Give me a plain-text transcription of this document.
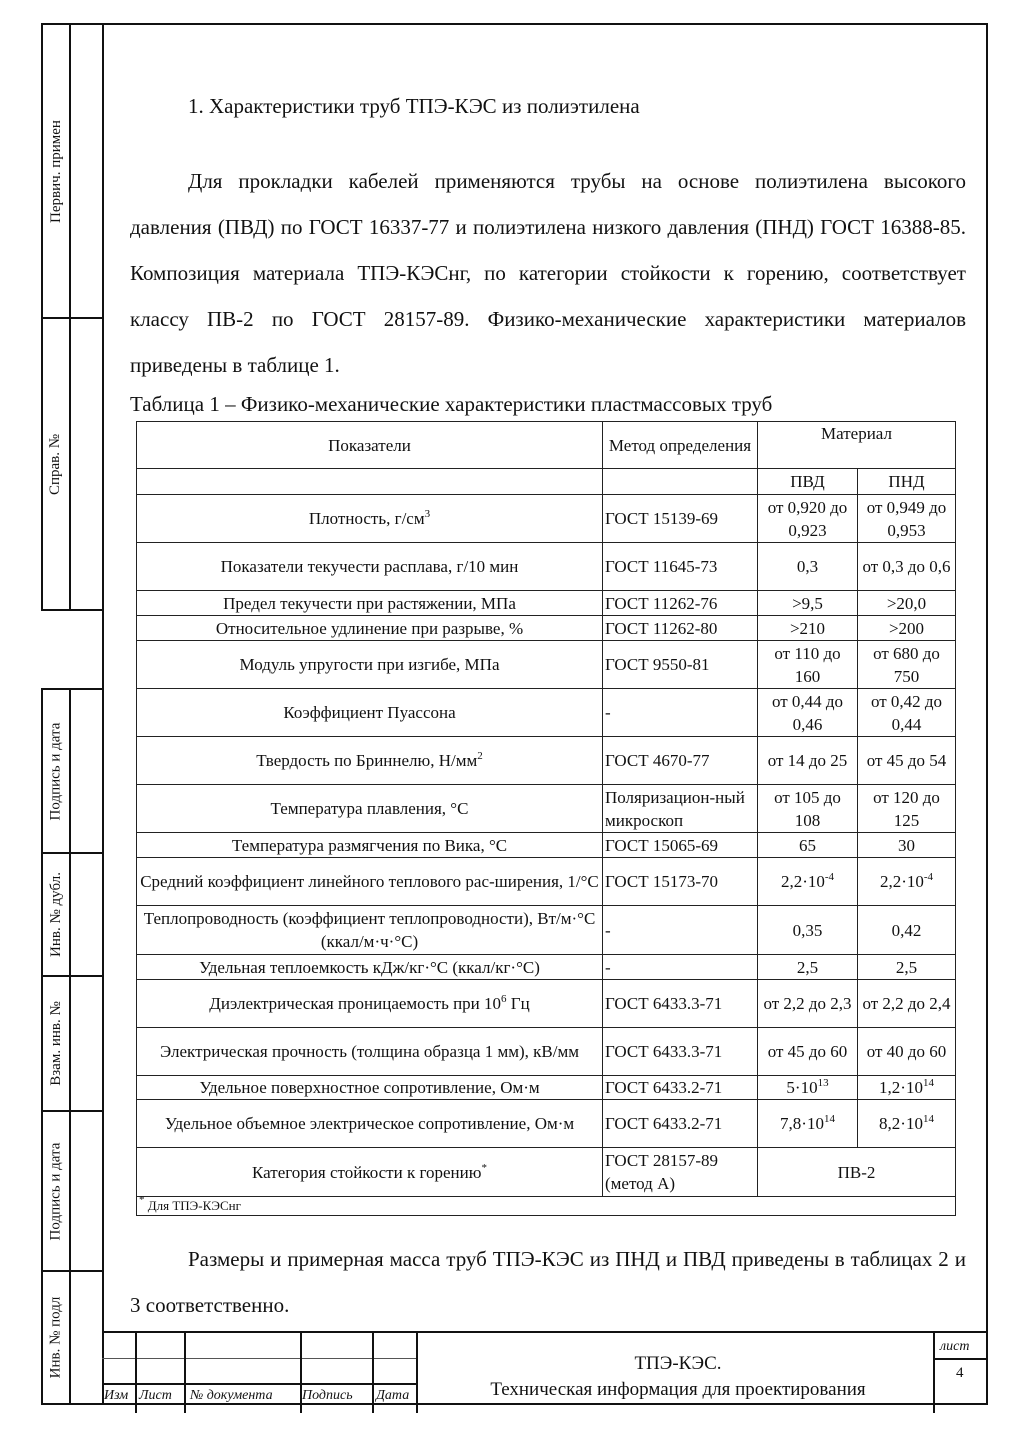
Первич. примен
Справ. №
Подпись и дата
Инв. № дубл.
Взам. инв. №
Подпись и дата
Инв. № подл
1. Характеристики труб ТПЭ-КЭС из полиэтилена
Для прокладки кабелей применяются трубы на основе полиэтилена высокого давления (ПВД) по ГОСТ 16337-77 и полиэтилена низкого давления (ПНД) ГОСТ 16388-85. Композиция материала ТПЭ-КЭСнг, по категории стойкости к горению, соответствует классу ПВ-2 по ГОСТ 28157-89. Физико-механические характеристики материалов приведены в таблице 1.
Таблица 1 – Физико-механические характеристики пластмассовых труб
Показатели	Метод определения	Материал	
		ПВД	ПНД
Плотность, $г/см^3$	ГОСТ 15139-69	от 0,920 до 0,923	от 0,949 до 0,953
Показатели текучести расплава, г/10 мин	ГОСТ 11645-73	0,3	от 0,3 до 0,6
Предел текучести при растяжении, МПа	ГОСТ 11262-76	>9,5	>20,0
Относительное удлинение при разрыве, %	ГОСТ 11262-80	>210	>200
Модуль упругости при изгибе, МПа	ГОСТ 9550-81	от 110 до 160	от 680 до 750
Коэффициент Пуассона	-	от 0,44 до 0,46	от 0,42 до 0,44
Твердость по Бриннелю, $Н/мм^2$	ГОСТ 4670-77	от 14 до 25	от 45 до 54
Температура плавления, °С	Поляризацион-ный микроскоп	от 105 до 108	от 120 до 125
Температура размягчения по Вика, °С	ГОСТ 15065-69	65	30
Средний коэффициент линейного теплового рас-ширения, 1/°С	ГОСТ 15173-70	$2,2\cdot 10^{-4}$	$2,2\cdot 10^{-4}$
Теплопроводность (коэффициент теплопроводности), Вт/м·°С (ккал/м·ч·°С)	-	0,35	0,42
Удельная теплоемкость кДж/кг·°С (ккал/кг·°С)	-	2,5	2,5
Диэлектрическая проницаемость при $10^6$ Гц	ГОСТ 6433.3-71	от 2,2 до 2,3	от 2,2 до 2,4
Электрическая прочность (толщина образца 1 мм), кВ/мм	ГОСТ 6433.3-71	от 45 до 60	от 40 до 60
Удельное поверхностное сопротивление, Ом·м	ГОСТ 6433.2-71	$5\cdot 10^{13}$	$1,2\cdot 10^{14}$
Удельное объемное электрическое сопротивление, Ом·м	ГОСТ 6433.2-71	$7,8\cdot 10^{14}$	$8,2\cdot 10^{14}$
Категория стойкости к горению*	ГОСТ 28157-89 (метод А)	ПВ-2	
* Для ТПЭ-КЭСнг			
Размеры и примерная масса труб ТПЭ-КЭС из ПНД и ПВД приведены в таблицах 2 и 3 соответственно.
Изм Лист № документа Подпись Дата
ТПЭ-КЭС.
Техническая информация для проектирования
лист
4
